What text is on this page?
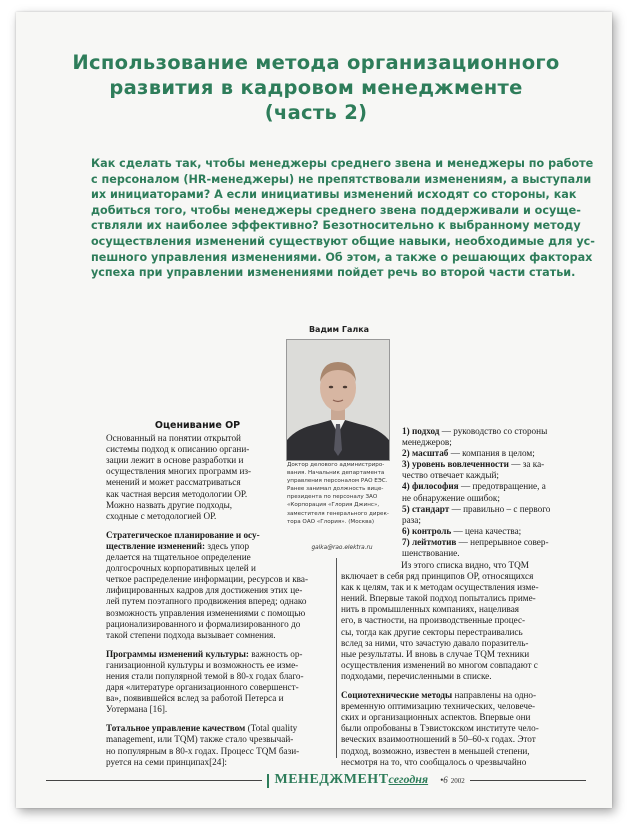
Использование метода организационного
развития в кадровом менеджменте
(часть 2)
Как сделать так, чтобы менеджеры среднего звена и менеджеры по работе
с персоналом (HR-менеджеры) не препятствовали изменениям, а выступали
их инициаторами? А если инициативы изменений исходят со стороны, как
добиться того, чтобы менеджеры среднего звена поддерживали и осуще-
ствляли их наиболее эффективно? Безотносительно к выбранному методу
осуществления изменений существуют общие навыки, необходимые для ус-
пешного управления изменениями. Об этом, а также о решающих факторах
успеха при управлении изменениями пойдет речь во второй части статьи.
Вадим Галка
Доктор делового администриро-
вания. Начальник департамента
управления персоналом РАО ЕЭС.
Ранее занимал должность вице-
президента по персоналу ЗАО
«Корпорация «Глория Джинс»,
заместителя генерального дирек-
тора ОАО «Глория». (Москва)
galka@rao.elektra.ru
Оценивание ОР
Основанный на понятии открытой
системы подход к описанию органи-
зации лежит в основе разработки и
осуществления многих программ из-
менений и может рассматриваться
как частная версия методологии ОР.
Можно назвать другие подходы,
сходные с методологией ОР.
Стратегическое планирование и осу-
ществление изменений: здесь упор
делается на тщательное определение
долгосрочных корпоративных целей и
четкое распределение информации, ресурсов и ква-
лифицированных кадров для достижения этих це-
лей путем поэтапного продвижения вперед; однако
возможность управления изменениями с помощью
рационализированного и формализированного до
такой степени подхода вызывает сомнения.
Программы изменений культуры: важность ор-
ганизационной культуры и возможность ее изме-
нения стали популярной темой в 80-х годах благо-
даря «литературе организационного совершенст-
ва», появившейся вслед за работой Петерса и
Уотермана [16].
Тотальное управление качеством (Total quality
management, или TQM) также стало чрезвычай-
но популярным в 80-х годах. Процесс TQM бази-
руется на семи принципах[24]:
1) подход — руководство со стороны
менеджеров;
2) масштаб — компания в целом;
3) уровень вовлеченности — за ка-
чество отвечает каждый;
4) философия — предотвращение, а
не обнаружение ошибок;
5) стандарт — правильно – с первого
раза;
6) контроль — цена качества;
7) лейтмотив — непрерывное совер-
шенствование.
Из этого списка видно, что TQM
включает в себя ряд принципов ОР, относящихся
как к целям, так и к методам осуществления изме-
нений. Впервые такой подход попытались приме-
нить в промышленных компаниях, нацеливая
его, в частности, на производственные процес-
сы, тогда как другие секторы перестраивались
вслед за ними, что зачастую давало поразитель-
ные результаты. И вновь в случае TQM техники
осуществления изменений во многом совпадают с
подходами, перечисленными в списке.
Социотехнические методы направлены на одно-
временную оптимизацию технических, человече-
ских и организационных аспектов. Впервые они
были опробованы в Тэвистокском институте чело-
веческих взаимоотношений в 50–60-х годах. Этот
подход, возможно, известен в меньшей степени,
несмотря на то, что сообщалось о чрезвычайно
МЕНЕДЖМЕНТ сегодня •6 2002
